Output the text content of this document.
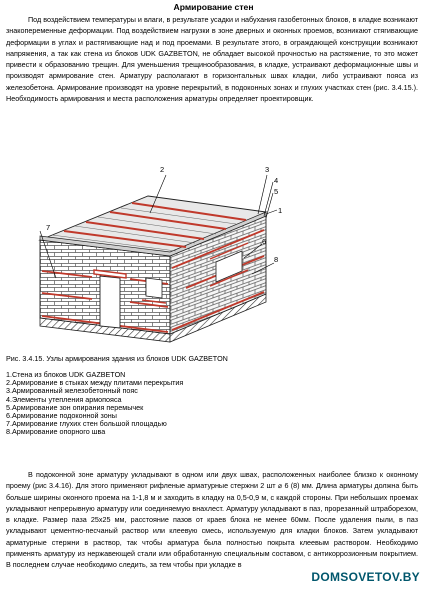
Армирование стен

Под воздействием температуры и влаги, в результате усадки и набухания газобетонных блоков, в кладке возникают знакопеременные деформации. Под воздействием нагрузки в зоне дверных и оконных проемов, возникают стягивающие деформации в углах и растягивающие над и под проемами. В результате этого, в ограждающей конструкции возникают напряжения, а так как стена из блоков UDK GAZBETON, не обладает высокой прочностью на растяжение, то это может привести к образованию трещин. Для уменьшения трещинообразования, в кладке, устраивают деформационные швы и производят армирование стен. Арматуру располагают в горизонтальных швах кладки, либо устраивают пояса из железобетона. Армирование производят на уровне перекрытий, в подоконных зонах и глухих участках стен (рис. 3.4.15.). Необходимость армирования и места расположения арматуры определяет проектировщик.

1
2	3
4
5
6
7
8
Рис. 3.4.15. Узлы армирования здания из блоков UDK GAZBETON
1.Стена из блоков UDK GAZBETON
2.Армирование в стыках между плитами перекрытия
3.Армированный железобетонный пояс
4.Элементы утепления армопояса
5.Армирование зон опирания перемычек
6.Армирование подоконной зоны
7.Армирование глухих стен большой площадью
8.Армирование опорного шва

В подоконной зоне арматуру укладывают в одном или двух швах, расположенных наиболее близко к оконному проему (рис 3.4.16). Для этого применяют рифленые арматурные стержни 2 шт ⌀ 6 (8) мм. Длина арматуры должна быть больше ширины оконного проема на 1-1,8 м и заходить в кладку на 0,5-0,9 м, с каждой стороны. При небольших проемах укладывают непрерывную арматуру или соединяемую внахлест. Арматуру укладывают в паз, прорезанный штраборезом, в кладке. Размер паза 25х25 мм, расстояние пазов от краев блока не менее 60мм. После удаления пыли, в паз укладывают цементно-песчаный раствор или клеевую смесь, используемую для кладки блоков. Затем укладывают арматурные стержни в раствор, так чтобы арматура была полностью покрыта клеевым раствором. Необходимо применять арматуру из нержавеющей стали или обработанную специальным составом, с антикоррозионным покрытием. В последнем случае необходимо следить, за тем чтобы при укладке в

DOMSOVETOV.BY
